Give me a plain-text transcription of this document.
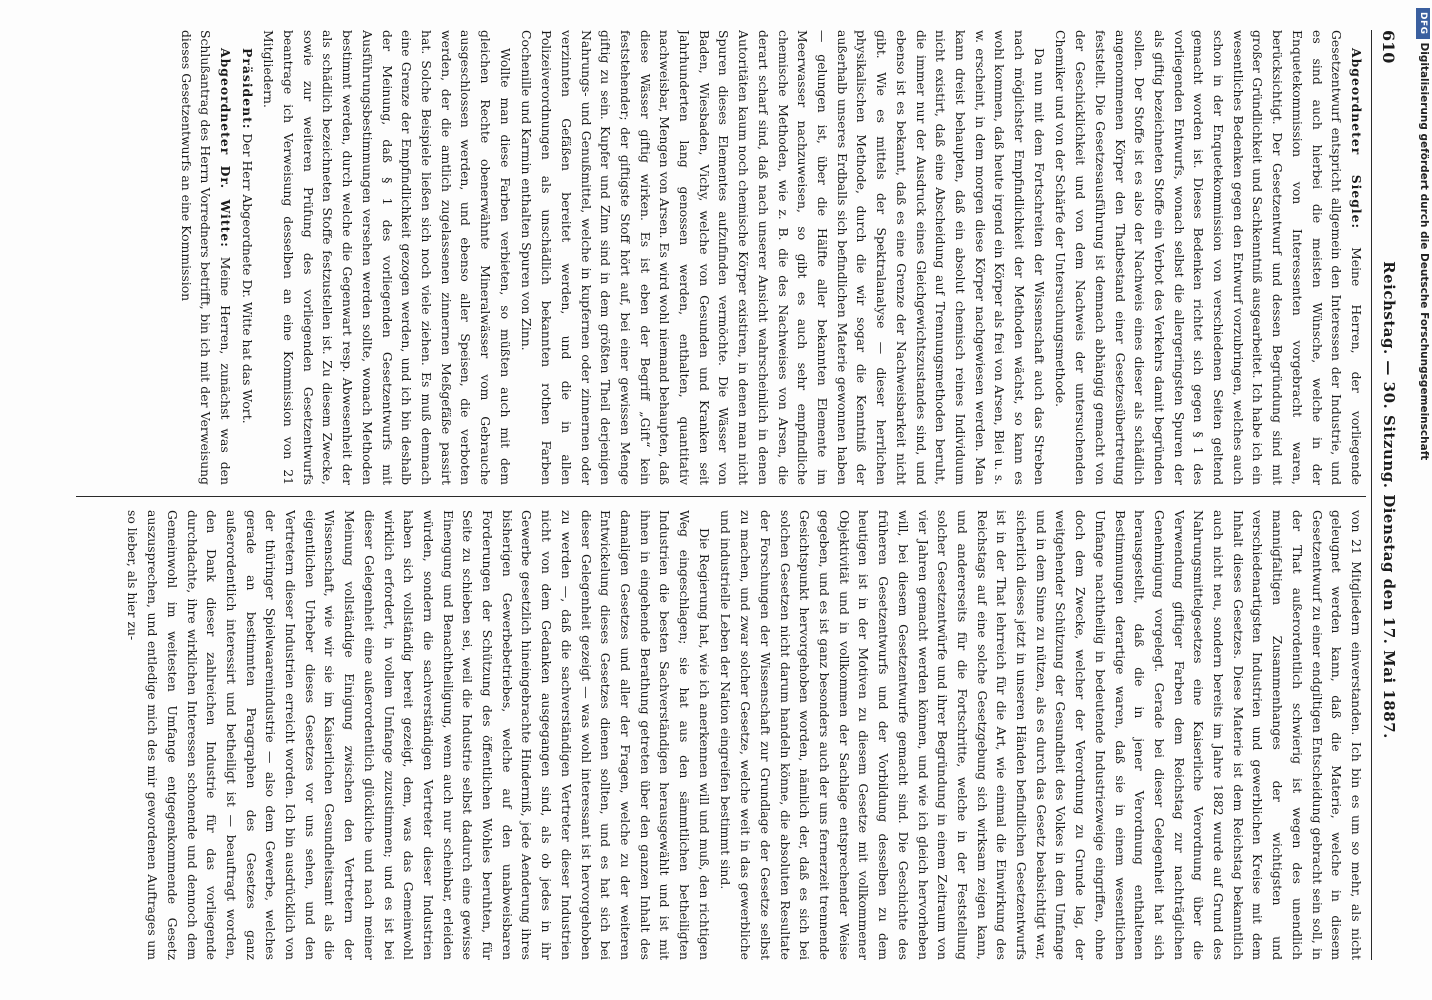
610
Reichstag. — 30. Sitzung. Dienstag den 17. Mai 1887.

Abgeordneter Siegle: Meine Herren, der vorliegende Gesetzentwurf entspricht allgemein den Interessen der Industrie, und es sind auch hierbei die meisten Wünsche, welche in der Enquetekommission von Interessenten vorgebracht waren, berücksichtigt. Der Gesetzentwurf und dessen Begründung sind mit großer Gründlichkeit und Sachkenntniß ausgearbeitet. Ich habe ich ein wesentliches Bedenken gegen den Entwurf vorzubringen, welches auch schon in der Enquetekommission von verschiedenen Seiten geltend gemacht worden ist. Dieses Bedenken richtet sich gegen § 1 des vorliegenden Entwurfs, wonach selbst die allergeringsten Spuren der als giftig bezeichneten Stoffe ein Verbot des Verkehrs damit begründen sollen. Der Stoffe ist es also der Nachweis eines dieser als schädlich angenommenen Körper den Thatbestand einer Gesetzesübertretung feststellt. Die Gesetzesausführung ist demnach abhängig gemacht von der Geschicklichkeit und von dem Nachweis der untersuchenden Chemiker und von der Schärfe der Untersuchungsmethode.

Da nun mit dem Fortschreiten der Wissenschaft auch das Streben nach möglichster Empfindlichkeit der Methoden wächst, so kann es wohl kommen, daß heute irgend ein Körper als frei von Arsen, Blei u. s. w. erscheint, in dem morgen diese Körper nachgewiesen werden. Man kann dreist behaupten, daß ein absolut chemisch reines Individuum nicht existirt, daß eine Abscheidung auf Trennungsmethoden beruht, die immer nur der Ausdruck eines Gleichgewichtszustandes sind, und ebenso ist es bekannt, daß es eine Grenze der Nachweisbarkeit nicht gibt. Wie es mittels der Spektralanalyse — dieser herrlichen physikalischen Methode, durch die wir sogar die Kenntniß der außerhalb unseres Erdballs sich befindlichen Materie gewonnen haben — gelungen ist, über die Hälfte aller bekannten Elemente im Meerwasser nachzuweisen, so gibt es auch sehr empfindliche chemische Methoden, wie z. B. die des Nachweises von Arsen, die derart scharf sind, daß nach unserer Ansicht wahrscheinlich in denen Autoritäten kaum noch chemische Körper existiren, in denen man nicht Spuren dieses Elementes aufzufinden vermöchte. Die Wässer von Baden, Wiesbaden, Vichy, welche von Gesunden und Kranken seit Jahrhunderten lang genossen werden, enthalten, quantitativ nachweisbar, Mengen von Arsen. Es wird wohl niemand behaupten, daß diese Wässer giftig wirken. Es ist eben der Begriff „Gift“ kein feststehender; der giftigste Stoff hört auf, bei einer gewissen Menge giftig zu sein. Kupfer und Zinn sind in dem größten Theil derjenigen Nahrungs- und Genußmittel, welche in kupfernen oder zinnernen oder verzinnten Gefäßen bereitet werden, und die in allen Polizeiverordnungen als unschädlich bekannten rothen Farben Cochenille und Karmin enthalten Spuren von Zinn.

Wollte man diese Farben verbieten, so müßten auch mit dem gleichen Rechte obenerwähnte Mineralwässer vom Gebrauche ausgeschlossen werden, und ebenso aller Speisen, die verboten werden, der die amtlich zugelassenen zinnernen Meßgefäße passirt hat. Solche Beispiele ließen sich noch viele ziehen. Es muß demnach eine Grenze der Empfindlichkeit gezogen werden, und ich bin deshalb der Meinung, daß § 1 des vorliegenden Gesetzentwurfs mit Ausführungsbestimmungen versehen werden sollte, wonach Methoden bestimmt werden, durch welche die Gegenwart resp. Abwesenheit der als schädlich bezeichneten Stoffe festzustellen ist. Zu diesem Zwecke, sowie zur weiteren Prüfung des vorliegenden Gesetzentwurfs beantrage ich Verweisung desselben an eine Kommission von 21 Mitgliedern.

Präsident: Der Herr Abgeordnete Dr. Witte hat das Wort.

Abgeordneter Dr. Witte: Meine Herren, zunächst was den Schlußantrag des Herrn Vorredners betrifft, bin ich mit der Verweisung dieses Gesetzentwurfs an eine Kommission

von 21 Mitgliedern einverstanden. Ich bin es um so mehr, als nicht geleugnet werden kann, daß die Materie, welche in diesem Gesetzentwurf zu einer endgiltigen Entscheidung gebracht sein soll, in der That außerordentlich schwierig ist wegen des unendlich mannigfaltigen Zusammenhanges der wichtigsten und verschiedenartigsten Industrien und gewerblichen Kreise mit dem Inhalt dieses Gesetzes. Diese Materie ist dem Reichstag bekanntlich auch nicht neu, sondern bereits im Jahre 1882 wurde auf Grund des Nahrungsmittelgesetzes eine Kaiserliche Verordnung über die Verwendung giftiger Farben dem Reichstag zur nachträglichen Genehmigung vorgelegt. Gerade bei dieser Gelegenheit hat sich herausgestellt, daß die in jener Verordnung enthaltenen Bestimmungen derartige waren, daß sie in einem wesentlichen Umfange nachtheilig in bedeutende Industriezweige eingriffen, ohne doch dem Zwecke, welcher der Verordnung zu Grunde lag, der weitgehender Schützung der Gesundheit des Volkes in dem Umfange und in dem Sinne zu nützen, als es durch das Gesetz beabsichtigt war, sicherlich dieses jetzt in unseren Händen befindlichen Gesetzentwurfs ist in der That lehrreich für die Art, wie einmal die Einwirkung des Reichstags auf eine solche Gesetzgebung sich wirksam zeigen kann, und andererseits für die Fortschritte, welche in der Feststellung solcher Gesetzentwürfe und ihrer Begründung in einem Zeitraum von vier Jahren gemacht werden können, und wie ich gleich hervorheben will, bei diesem Gesetzentwurfe gemacht sind. Die Geschichte des früheren Gesetzentwurfs und der Vorbildung desselben zu dem heutigen ist in der Motiven zu diesem Gesetze mit vollkommener Objektivität und in vollkommen der Sachlage entsprechender Weise gegeben, und es ist ganz besonders auch der uns fernerzeit trennende Gesichtspunkt hervorgehoben worden, nämlich der, daß es sich bei solchen Gesetzen nicht darum handeln könne, die absoluten Resultate der Forschungen der Wissenschaft zur Grundlage der Gesetze selbst zu machen, und zwar solcher Gesetze, welche weit in das gewerbliche und industrielle Leben der Nation eingreifen bestimmt sind.

Die Regierung hat, wie ich anerkennen will und muß, den richtigen Weg eingeschlagen; sie hat aus den sämmtlichen betheiligten Industrien die besten Sachverständigen herausgewählt und ist mit ihnen in eingehende Berathung getreten über den ganzen Inhalt des damaligen Gesetzes und aller der Fragen, welche zu der weiteren Entwickelung dieses Gesetzes dienen sollten, und es hat sich bei dieser Gelegenheit gezeigt — was wohl interessant ist hervorgehoben zu werden —, daß die sachverständigen Vertreter dieser Industrien nicht von dem Gedanken ausgegangen sind, als ob jedes in ihr Gewerbe gesetzlich hineingebrachte Hinderniß, jede Aenderung ihres bisherigen Gewerbebetriebes, welche auf den unabweisbaren Forderungen der Schützung des öffentlichen Wohles beruhten, für Seite zu schieben sei, weil die Industrie selbst dadurch eine gewisse Einengung und Benachtheiligung, wenn auch nur scheinbar, erleiden würden, sondern die sachverständigen Vertreter dieser Industrien haben sich vollständig bereit gezeigt, dem, was das Gemeinwohl wirklich erfordert, in vollem Umfange zuzustimmen; und es ist bei dieser Gelegenheit eine außerordentlich glückliche und nach meiner Meinung vollständige Einigung zwischen den Vertretern der Wissenschaft, wie wir sie im Kaiserlichen Gesundheitsamt als die eigentlichen Urheber dieses Gesetzes vor uns sehen, und den Vertretern dieser Industrien erreicht worden. Ich bin ausdrücklich von der thüringer Spielwaarenindustrie — also dem Gewerbe, welches gerade an bestimmten Paragraphen des Gesetzes ganz außerordentlich interessirt und betheiligt ist — beauftragt worden, den Dank dieser zahlreichen Industrie für das vorliegende durchdachte, ihre wirklichen Interessen schonende und dennoch dem Gemeinwohl im weitesten Umfange entgegenkommende Gesetz auszusprechen, und entledige mich des mir gewordenen Auftrages um so lieber, als hier zu-

DFGDigitalisierung gefördert durch die Deutsche Forschungsgemeinschaft
